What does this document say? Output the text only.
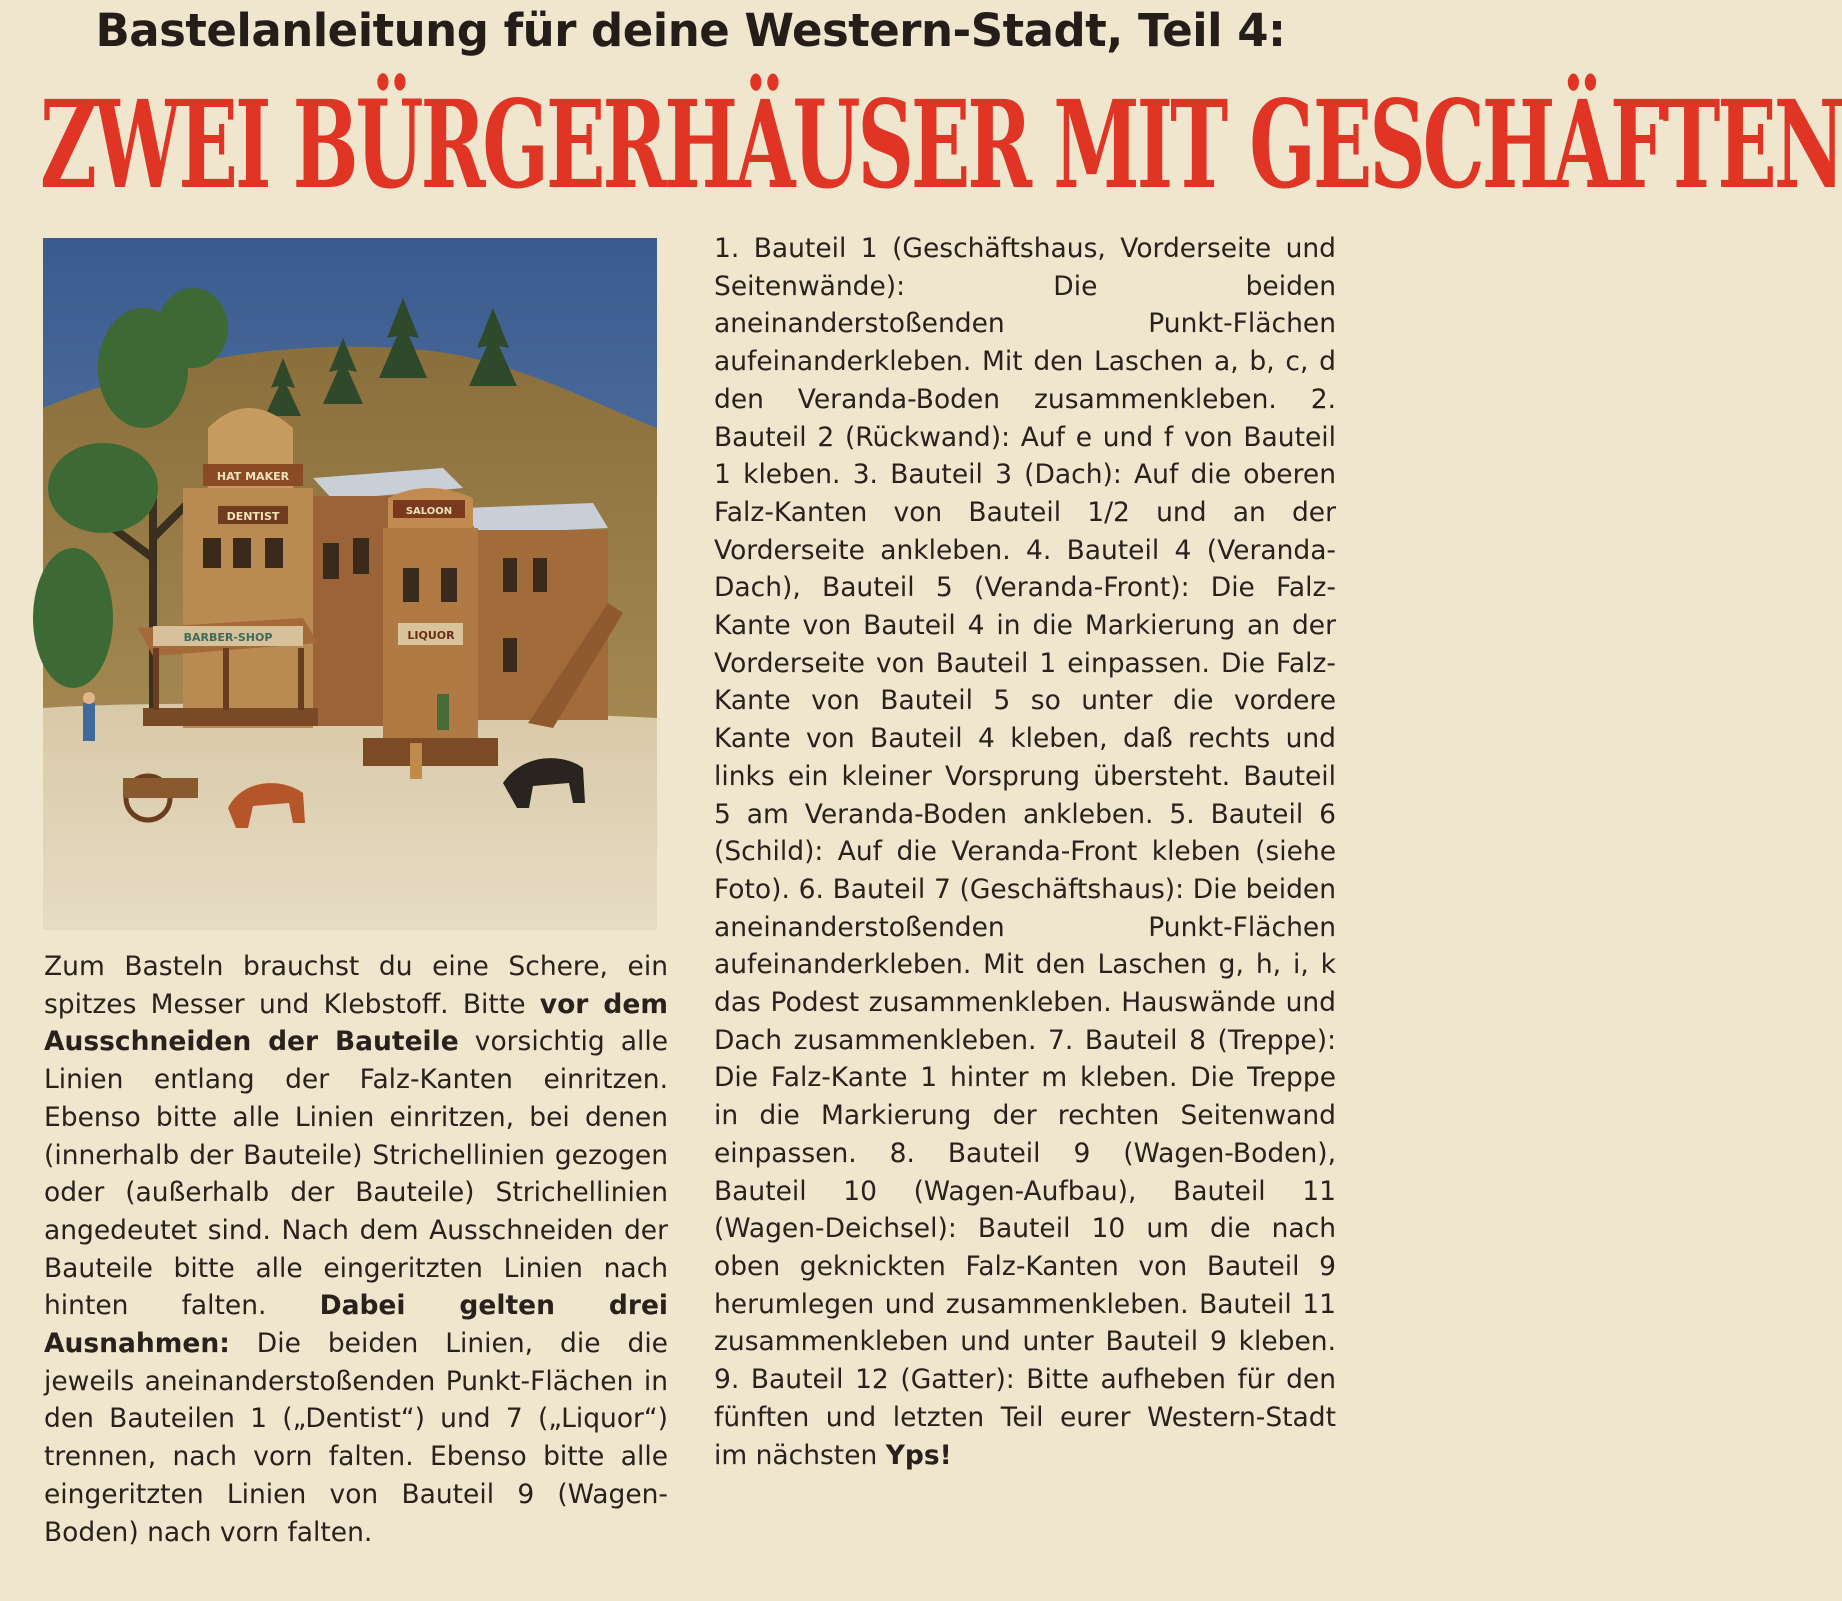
Bastelanleitung für deine Western-Stadt, Teil 4:
ZWEI BÜRGERHÄUSER MIT GESCHÄFTEN
HAT MAKER
DENTIST
BARBER-SHOP
SALOON
LIQUOR

Zum Basteln brauchst du eine Schere, ein spitzes Messer und Klebstoff. Bitte vor dem Ausschneiden der Bauteile vorsichtig alle Linien entlang der Falz-Kanten einritzen. Ebenso bitte alle Linien einritzen, bei denen (innerhalb der Bauteile) Strichellinien gezogen oder (außerhalb der Bauteile) Strichellinien angedeutet sind. Nach dem Ausschneiden der Bauteile bitte alle eingeritzten Linien nach hinten falten. Dabei gelten drei Ausnahmen: Die beiden Linien, die die jeweils aneinanderstoßenden Punkt-Flächen in den Bauteilen 1 („Dentist“) und 7 („Liquor“) trennen, nach vorn falten. Ebenso bitte alle eingeritzten Linien von Bauteil 9 (Wagen-Boden) nach vorn falten.

1. Bauteil 1 (Geschäftshaus, Vorderseite und Seitenwände): Die beiden aneinanderstoßenden Punkt-Flächen aufeinanderkleben. Mit den Laschen a, b, c, d den Veranda-Boden zusammenkleben. 2. Bauteil 2 (Rückwand): Auf e und f von Bauteil 1 kleben. 3. Bauteil 3 (Dach): Auf die oberen Falz-Kanten von Bauteil 1/2 und an der Vorderseite ankleben. 4. Bauteil 4 (Veranda-Dach), Bauteil 5 (Veranda-Front): Die Falz-Kante von Bauteil 4 in die Markierung an der Vorderseite von Bauteil 1 einpassen. Die Falz-Kante von Bauteil 5 so unter die vordere Kante von Bauteil 4 kleben, daß rechts und links ein kleiner Vorsprung übersteht. Bauteil 5 am Veranda-Boden ankleben. 5. Bauteil 6 (Schild): Auf die Veranda-Front kleben (siehe Foto). 6. Bauteil 7 (Geschäftshaus): Die beiden aneinanderstoßenden Punkt-Flächen aufeinanderkleben. Mit den Laschen g, h, i, k das Podest zusammenkleben. Hauswände und Dach zusammenkleben. 7. Bauteil 8 (Treppe): Die Falz-Kante 1 hinter m kleben. Die Treppe in die Markierung der rechten Seitenwand einpassen. 8. Bauteil 9 (Wagen-Boden), Bauteil 10 (Wagen-Aufbau), Bauteil 11 (Wagen-Deichsel): Bauteil 10 um die nach oben geknickten Falz-Kanten von Bauteil 9 herumlegen und zusammenkleben. Bauteil 11 zusammenkleben und unter Bauteil 9 kleben. 9. Bauteil 12 (Gatter): Bitte aufheben für den fünften und letzten Teil eurer Western-Stadt im nächsten Yps!
